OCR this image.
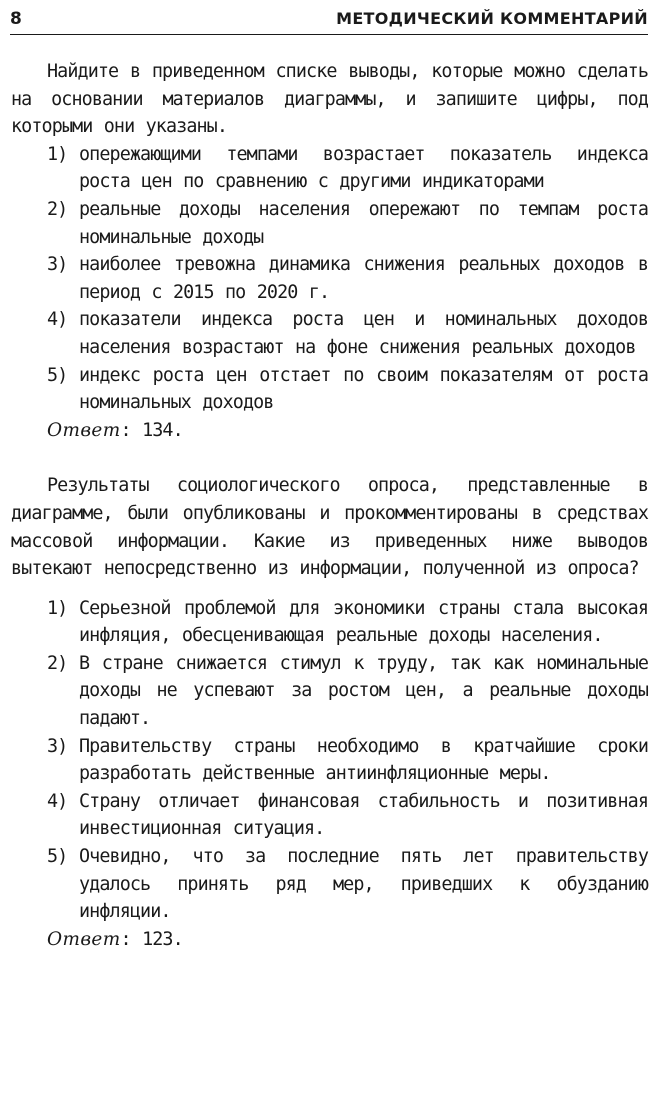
8	МЕТОДИЧЕСКИЙ КОММЕНТАРИЙ

Найдите в приведенном списке выводы, которые можно сделать на основании материалов диаграммы, и запишите цифры, под которыми они указаны.

1) опережающими темпами возрастает показатель индекса роста цен по сравнению с другими индикаторами
2) реальные доходы населения опережают по темпам роста номинальные доходы
3) наиболее тревожна динамика снижения реальных доходов в период с 2015 по 2020 г.
4) показатели индекса роста цен и номинальных доходов населения возрастают на фоне снижения реальных доходов
5) индекс роста цен отстает по своим показателям от роста номинальных доходов

Ответ: 134.

Результаты социологического опроса, представленные в диаграмме, были опубликованы и прокомментированы в средствах массовой информации. Какие из приведенных ниже выводов вытекают непосредственно из информации, полученной из опроса?

1) Серьезной проблемой для экономики страны стала высокая инфляция, обесценивающая реальные доходы населения.
2) В стране снижается стимул к труду, так как номинальные доходы не успевают за ростом цен, а реальные доходы падают.
3) Правительству страны необходимо в кратчайшие сроки разработать действенные антиинфляционные меры.
4) Страну отличает финансовая стабильность и позитивная инвестиционная ситуация.
5) Очевидно, что за последние пять лет правительству удалось принять ряд мер, приведших к обузданию инфляции.

Ответ: 123.
